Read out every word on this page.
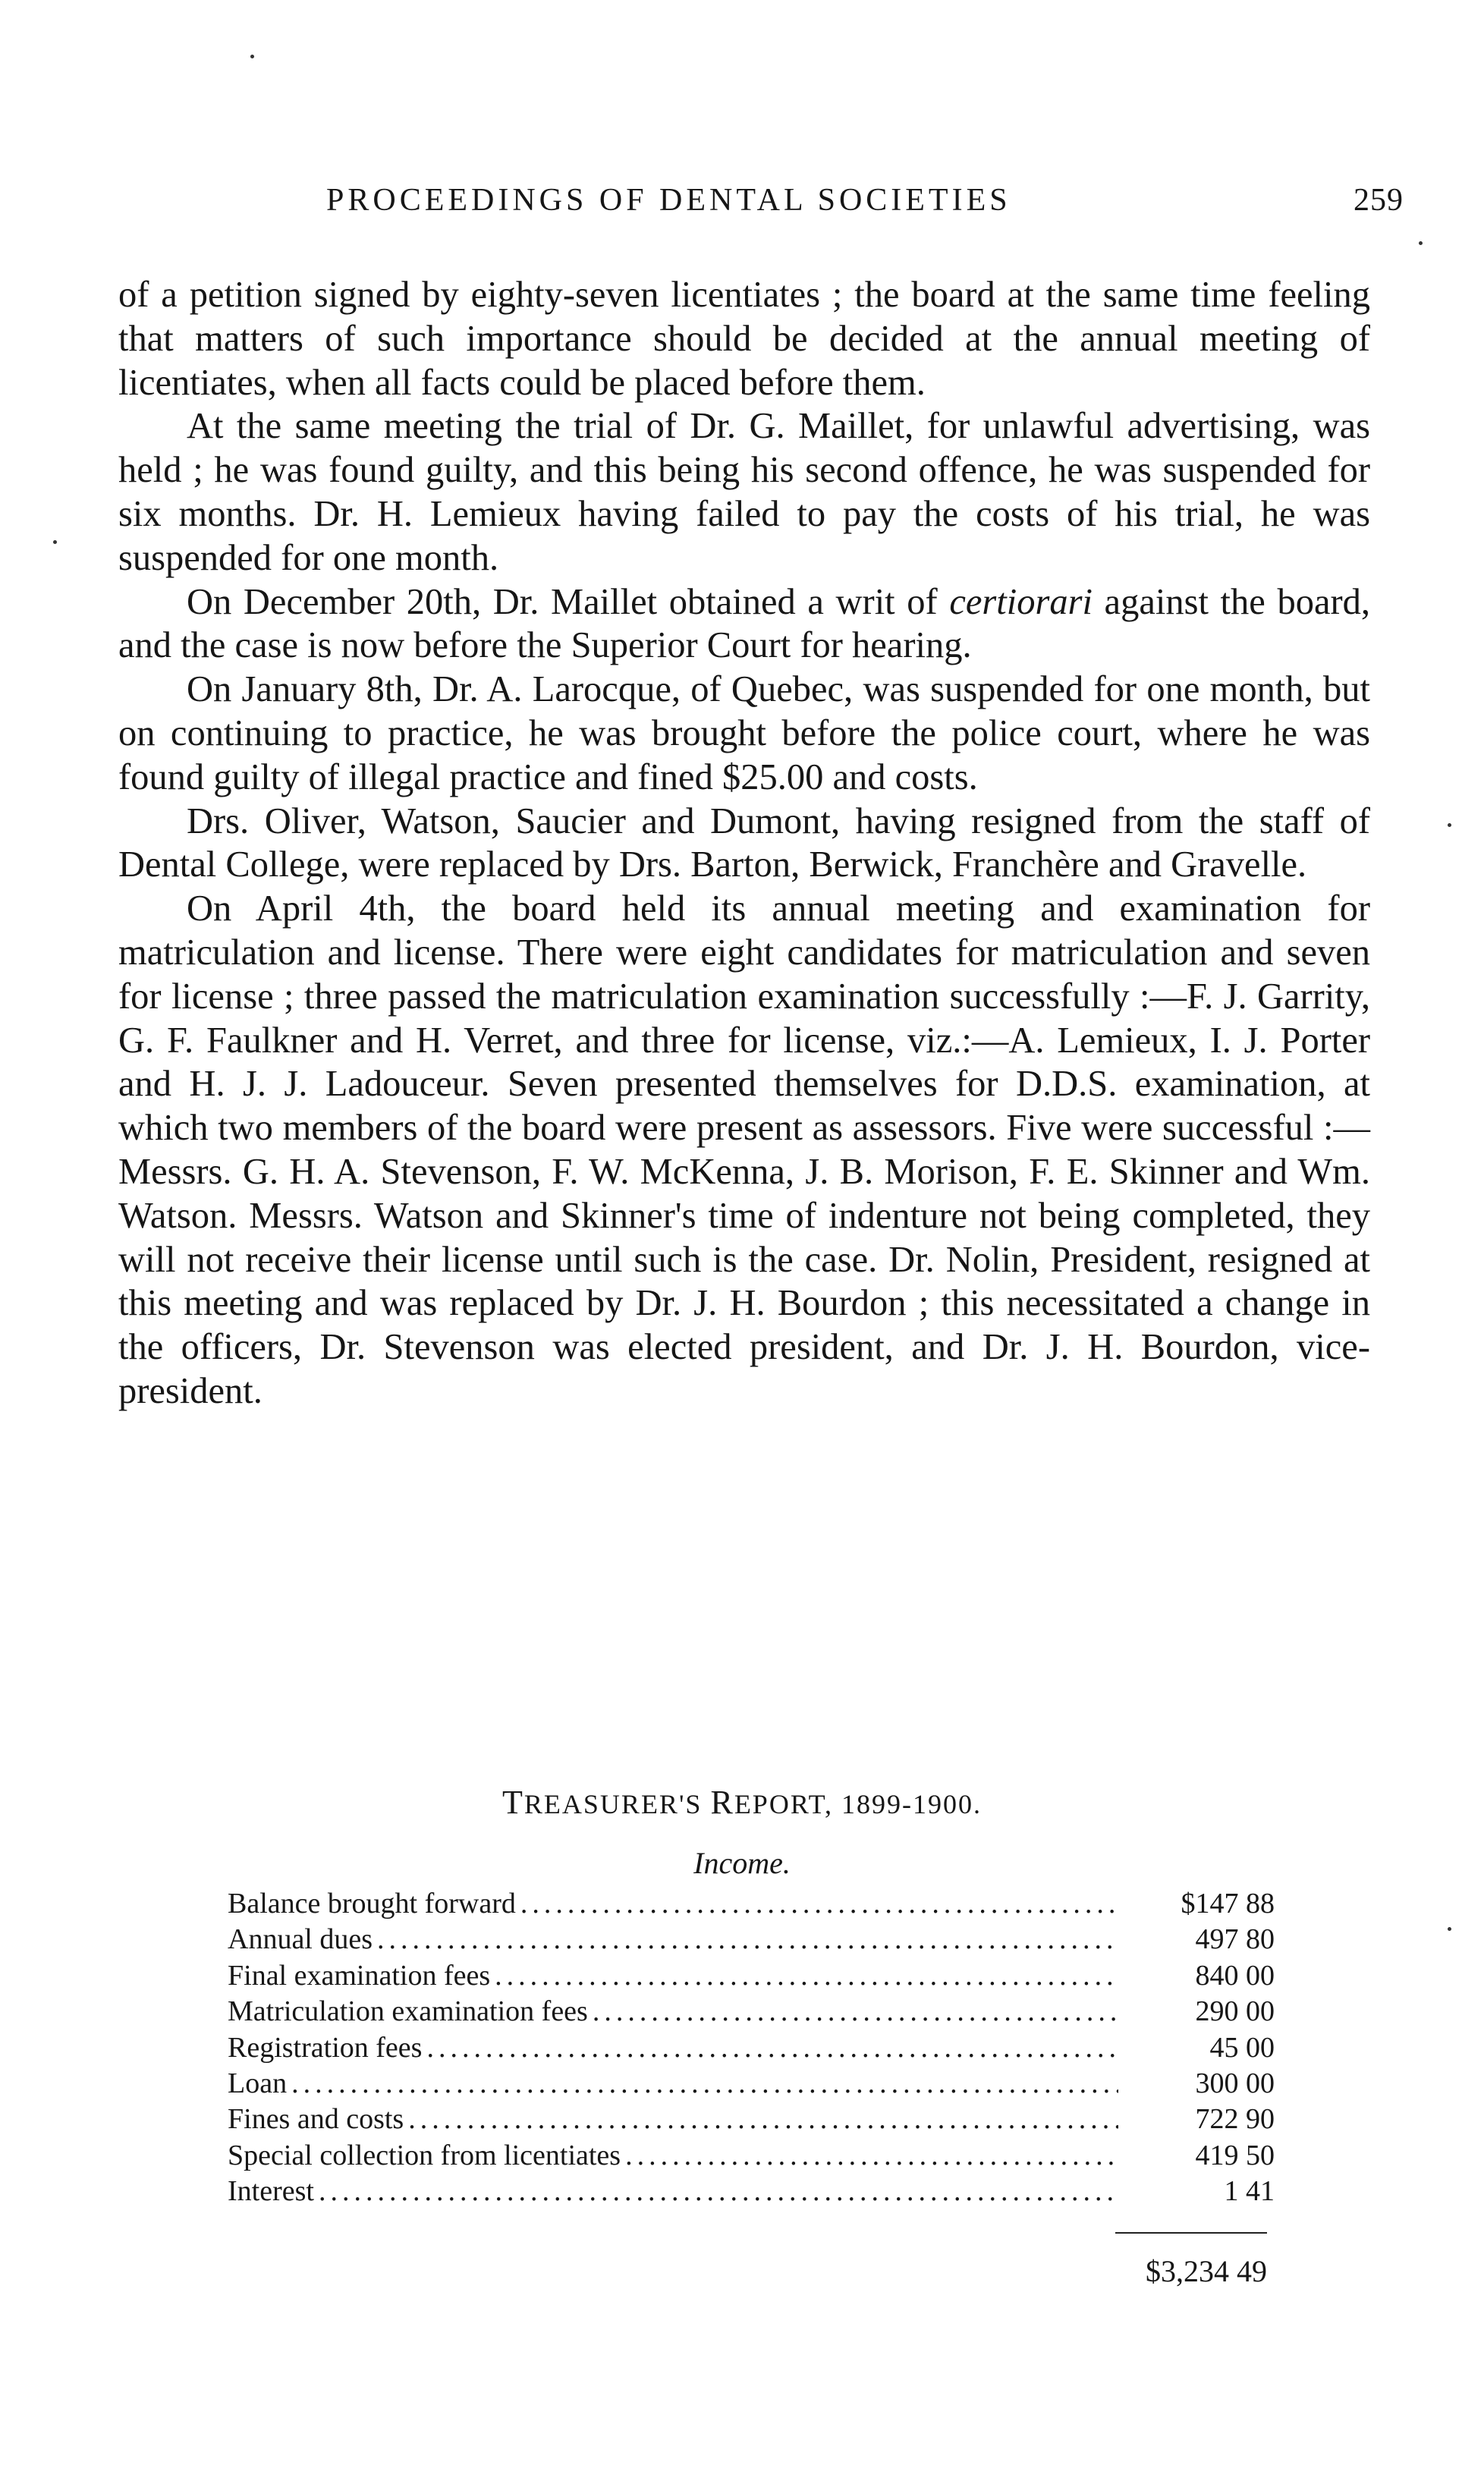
PROCEEDINGS OF DENTAL SOCIETIES	259

of a petition signed by eighty-seven licentiates ; the board at the same time feeling that matters of such importance should be decided at the annual meeting of licentiates, when all facts could be placed before them.

At the same meeting the trial of Dr. G. Maillet, for unlawful advertising, was held ; he was found guilty, and this being his second offence, he was suspended for six months. Dr. H. Lemieux having failed to pay the costs of his trial, he was suspended for one month.

On December 20th, Dr. Maillet obtained a writ of certiorari against the board, and the case is now before the Superior Court for hearing.

On January 8th, Dr. A. Larocque, of Quebec, was suspended for one month, but on continuing to practice, he was brought before the police court, where he was found guilty of illegal practice and fined $25.00 and costs.

Drs. Oliver, Watson, Saucier and Dumont, having resigned from the staff of Dental College, were replaced by Drs. Barton, Berwick, Franchère and Gravelle.

On April 4th, the board held its annual meeting and examination for matriculation and license. There were eight candidates for matriculation and seven for license ; three passed the matriculation examination successfully :—F. J. Garrity, G. F. Faulkner and H. Verret, and three for license, viz.:—A. Lemieux, I. J. Porter and H. J. J. Ladouceur. Seven presented themselves for D.D.S. examination, at which two members of the board were present as assessors. Five were successful :—Messrs. G. H. A. Stevenson, F. W. McKenna, J. B. Morison, F. E. Skinner and Wm. Watson. Messrs. Watson and Skinner's time of indenture not being completed, they will not receive their license until such is the case. Dr. Nolin, President, resigned at this meeting and was replaced by Dr. J. H. Bourdon ; this necessitated a change in the officers, Dr. Stevenson was elected president, and Dr. J. H. Bourdon, vice-president.

TREASURER'S REPORT, 1899-1900.
Income.
Balance brought forward .....	$147 88
Annual dues .....	497 80
Final examination fees .....	840 00
Matriculation examination fees .....	290 00
Registration fees .....	45 00
Loan .....	300 00
Fines and costs .....	722 90
Special collection from licentiates .....	419 50
Interest .....	1 41
$3,234 49
